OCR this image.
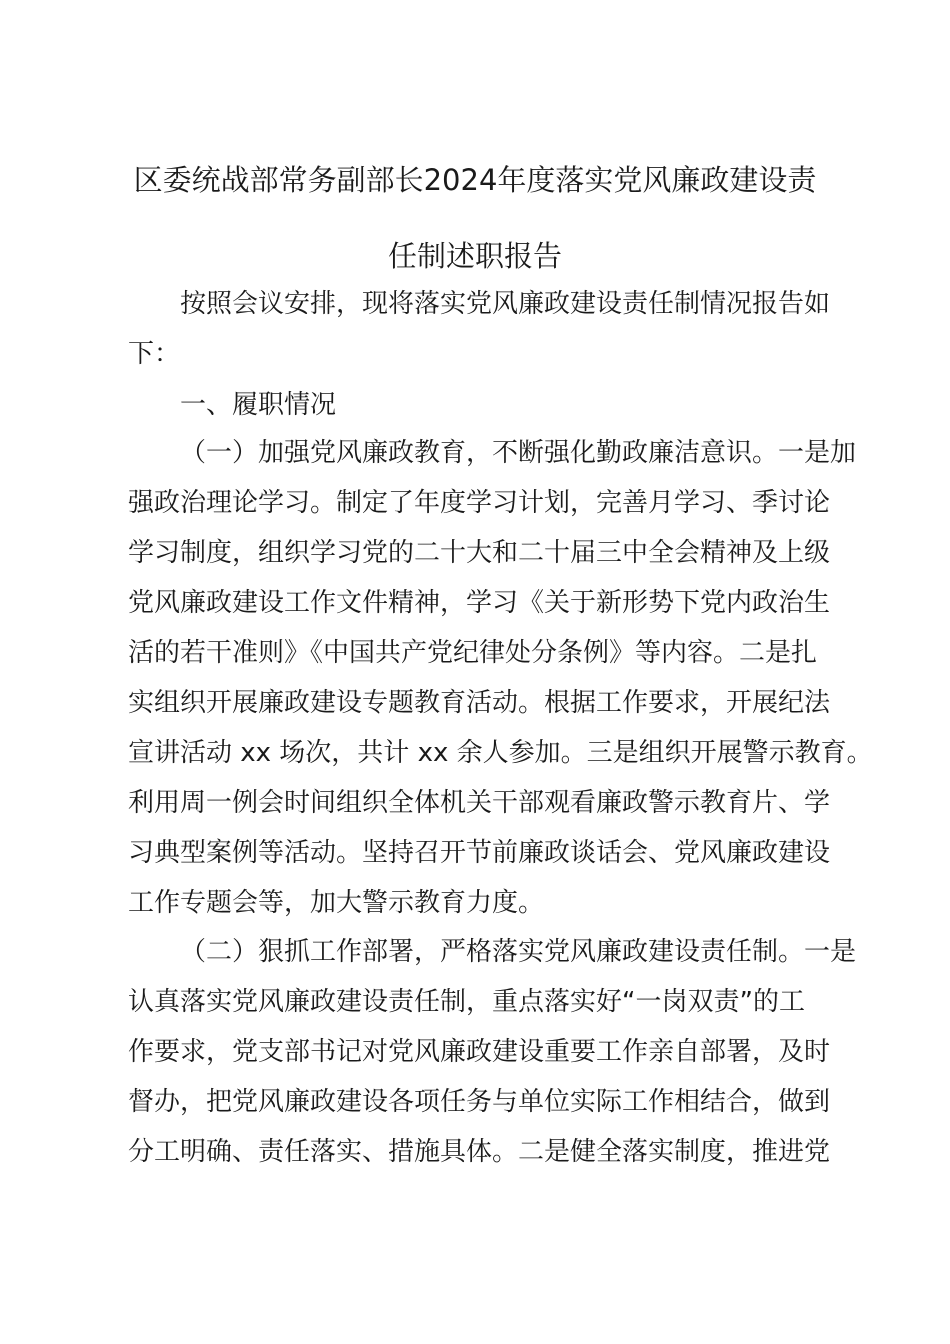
区委统战部常务副部长2024年度落实党风廉政建设责
任制述职报告
按照会议安排，现将落实党风廉政建设责任制情况报告如
下：
一、履职情况
（一）加强党风廉政教育，不断强化勤政廉洁意识。一是加
强政治理论学习。制定了年度学习计划，完善月学习、季讨论
学习制度，组织学习党的二十大和二十届三中全会精神及上级
党风廉政建设工作文件精神，学习《关于新形势下党内政治生
活的若干准则》《中国共产党纪律处分条例》等内容。二是扎
实组织开展廉政建设专题教育活动。根据工作要求，开展纪法
宣讲活动 xx 场次，共计 xx 余人参加。三是组织开展警示教育。
利用周一例会时间组织全体机关干部观看廉政警示教育片、学
习典型案例等活动。坚持召开节前廉政谈话会、党风廉政建设
工作专题会等，加大警示教育力度。
（二）狠抓工作部署，严格落实党风廉政建设责任制。一是
认真落实党风廉政建设责任制，重点落实好“一岗双责”的工
作要求，党支部书记对党风廉政建设重要工作亲自部署，及时
督办，把党风廉政建设各项任务与单位实际工作相结合，做到
分工明确、责任落实、措施具体。二是健全落实制度，推进党
